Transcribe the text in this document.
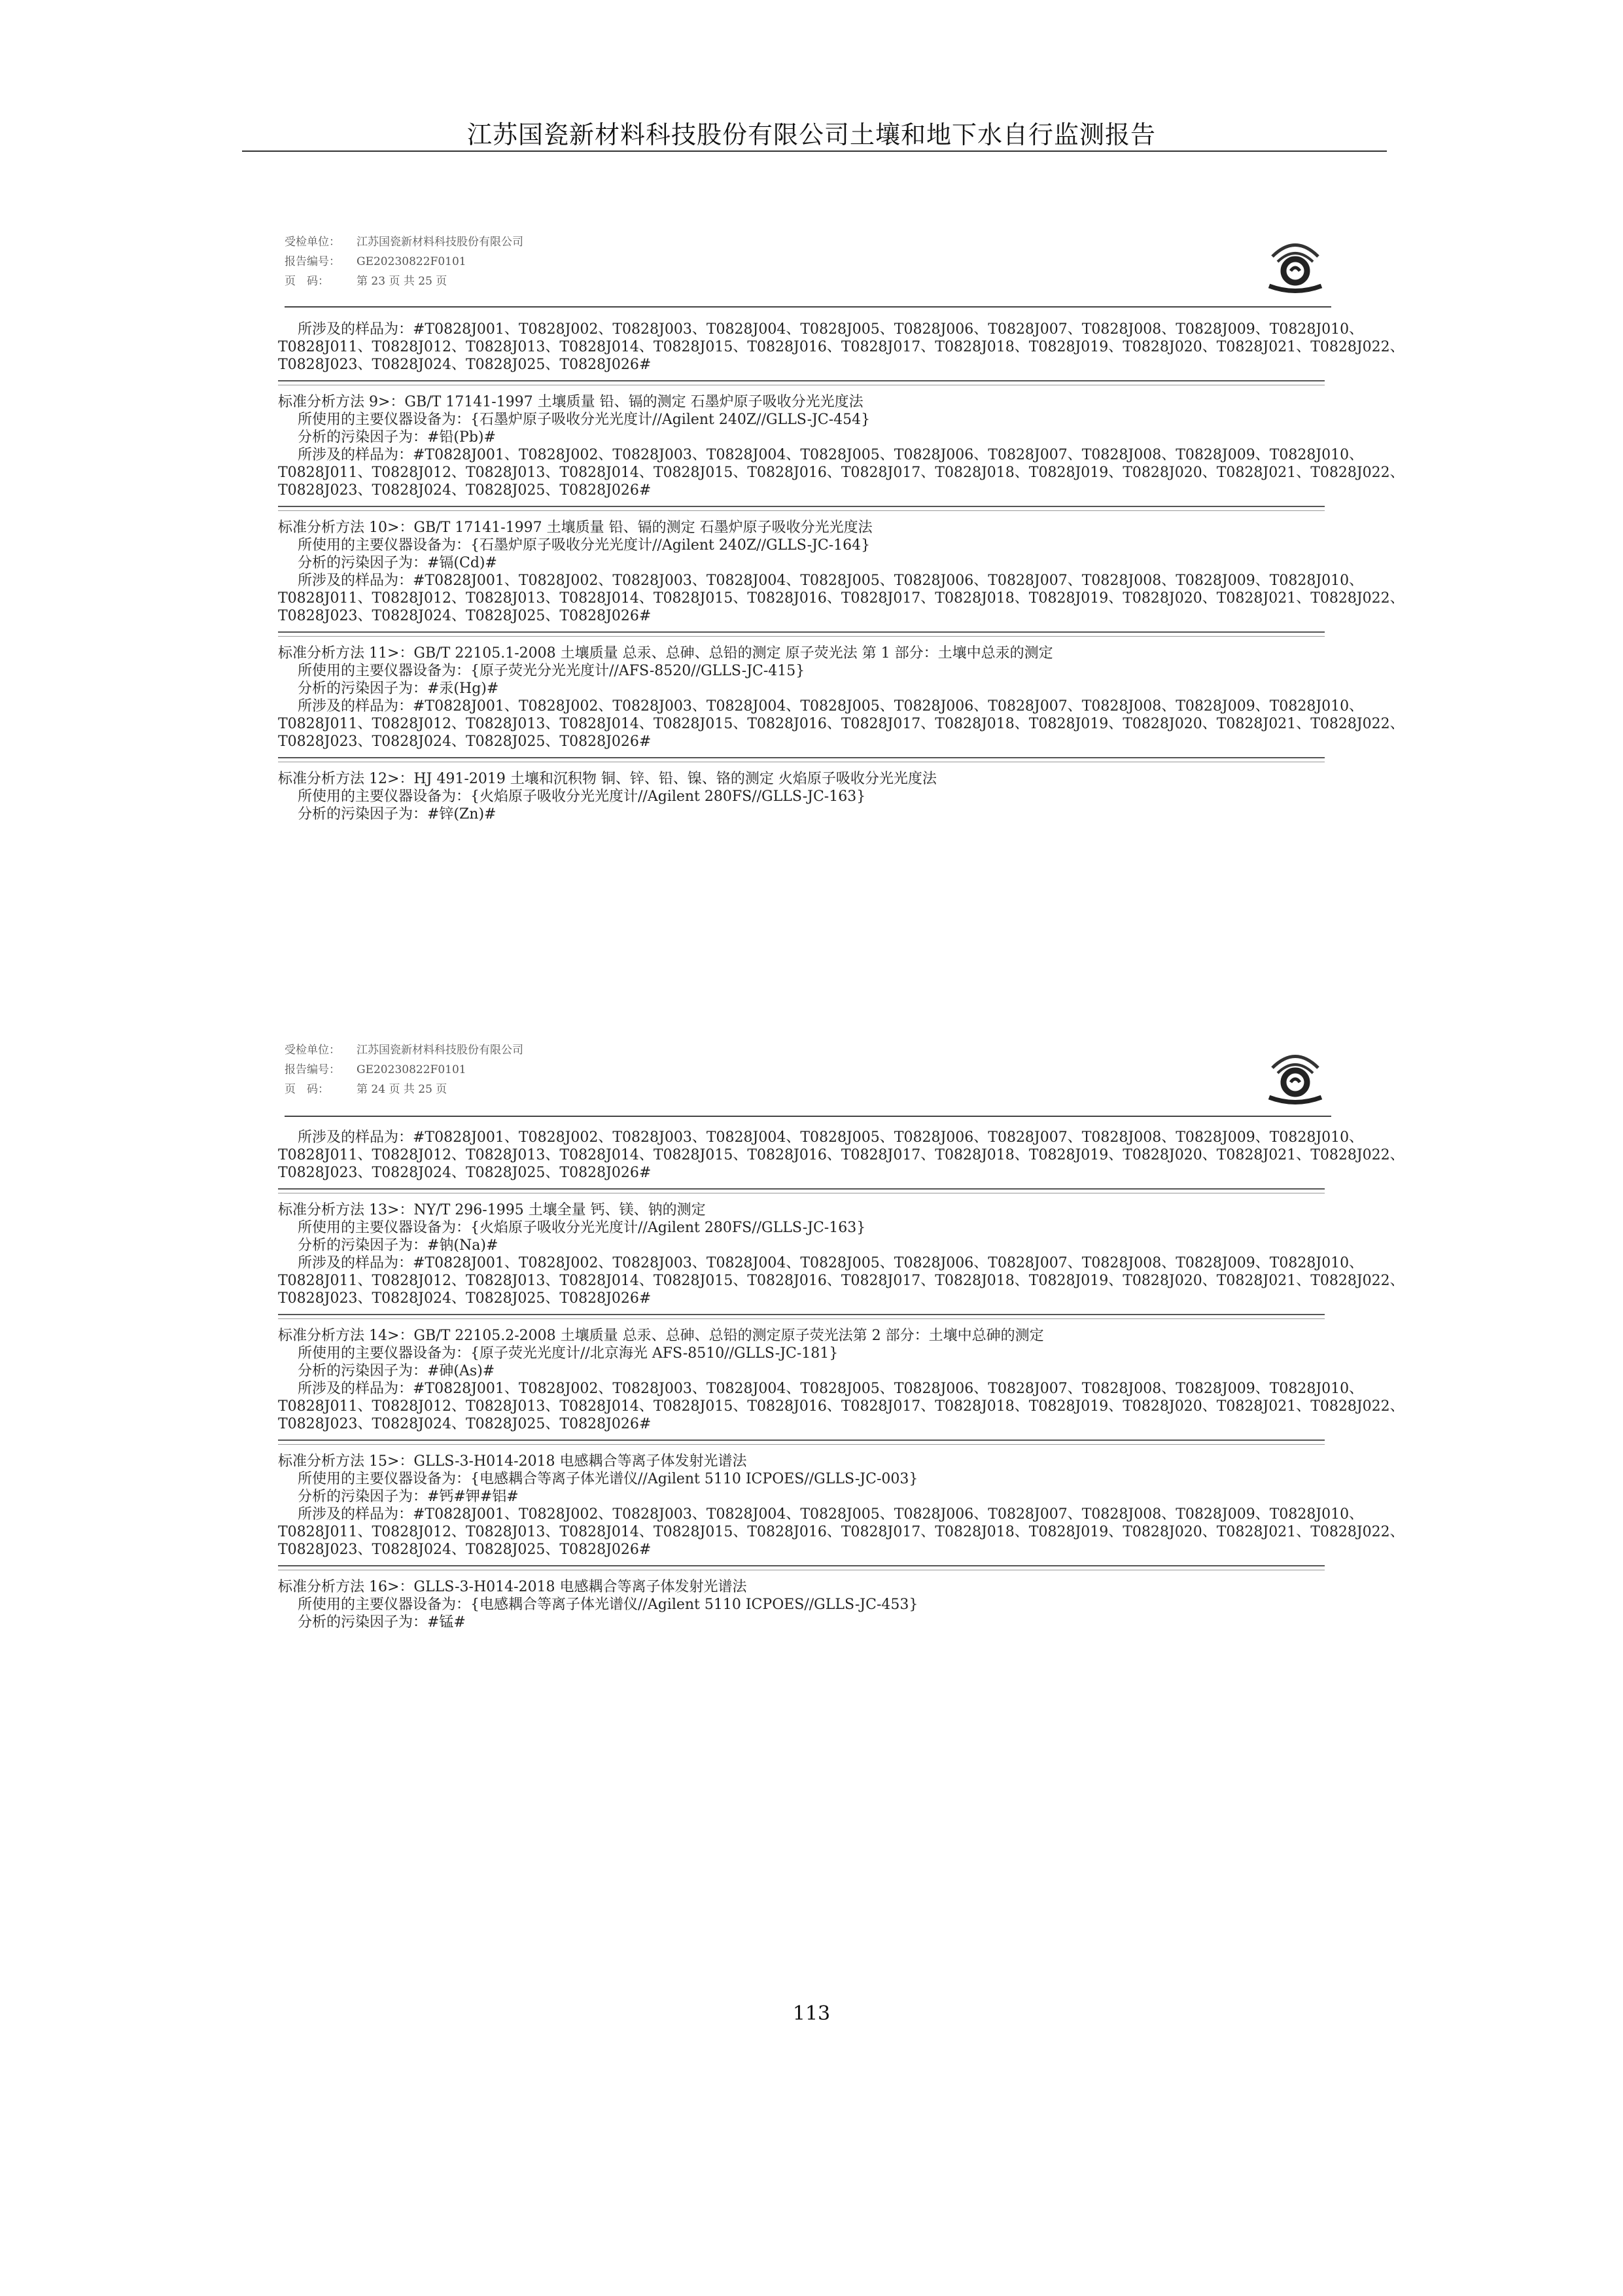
江苏国瓷新材料科技股份有限公司土壤和地下水自行监测报告
受检单位： 江苏国瓷新材料科技股份有限公司
报告编号： GE20230822F0101
页　码： 第 23 页 共 25 页
所涉及的样品为：#T0828J001、T0828J002、T0828J003、T0828J004、T0828J005、T0828J006、T0828J007、T0828J008、T0828J009、T0828J010、
T0828J011、T0828J012、T0828J013、T0828J014、T0828J015、T0828J016、T0828J017、T0828J018、T0828J019、T0828J020、T0828J021、T0828J022、
T0828J023、T0828J024、T0828J025、T0828J026#
标准分析方法 9>：GB/T 17141-1997 土壤质量 铅、镉的测定 石墨炉原子吸收分光光度法
所使用的主要仪器设备为：{石墨炉原子吸收分光光度计//Agilent 240Z//GLLS-JC-454}
分析的污染因子为：#铅(Pb)#
所涉及的样品为：#T0828J001、T0828J002、T0828J003、T0828J004、T0828J005、T0828J006、T0828J007、T0828J008、T0828J009、T0828J010、
T0828J011、T0828J012、T0828J013、T0828J014、T0828J015、T0828J016、T0828J017、T0828J018、T0828J019、T0828J020、T0828J021、T0828J022、
T0828J023、T0828J024、T0828J025、T0828J026#
标准分析方法 10>：GB/T 17141-1997 土壤质量 铅、镉的测定 石墨炉原子吸收分光光度法
所使用的主要仪器设备为：{石墨炉原子吸收分光光度计//Agilent 240Z//GLLS-JC-164}
分析的污染因子为：#镉(Cd)#
所涉及的样品为：#T0828J001、T0828J002、T0828J003、T0828J004、T0828J005、T0828J006、T0828J007、T0828J008、T0828J009、T0828J010、
T0828J011、T0828J012、T0828J013、T0828J014、T0828J015、T0828J016、T0828J017、T0828J018、T0828J019、T0828J020、T0828J021、T0828J022、
T0828J023、T0828J024、T0828J025、T0828J026#
标准分析方法 11>：GB/T 22105.1-2008 土壤质量 总汞、总砷、总铅的测定 原子荧光法 第 1 部分：土壤中总汞的测定
所使用的主要仪器设备为：{原子荧光分光光度计//AFS-8520//GLLS-JC-415}
分析的污染因子为：#汞(Hg)#
所涉及的样品为：#T0828J001、T0828J002、T0828J003、T0828J004、T0828J005、T0828J006、T0828J007、T0828J008、T0828J009、T0828J010、
T0828J011、T0828J012、T0828J013、T0828J014、T0828J015、T0828J016、T0828J017、T0828J018、T0828J019、T0828J020、T0828J021、T0828J022、
T0828J023、T0828J024、T0828J025、T0828J026#
标准分析方法 12>：HJ 491-2019 土壤和沉积物 铜、锌、铅、镍、铬的测定 火焰原子吸收分光光度法
所使用的主要仪器设备为：{火焰原子吸收分光光度计//Agilent 280FS//GLLS-JC-163}
分析的污染因子为：#锌(Zn)#
受检单位： 江苏国瓷新材料科技股份有限公司
报告编号： GE20230822F0101
页　码： 第 24 页 共 25 页
所涉及的样品为：#T0828J001、T0828J002、T0828J003、T0828J004、T0828J005、T0828J006、T0828J007、T0828J008、T0828J009、T0828J010、
T0828J011、T0828J012、T0828J013、T0828J014、T0828J015、T0828J016、T0828J017、T0828J018、T0828J019、T0828J020、T0828J021、T0828J022、
T0828J023、T0828J024、T0828J025、T0828J026#
标准分析方法 13>：NY/T 296-1995 土壤全量 钙、镁、钠的测定
所使用的主要仪器设备为：{火焰原子吸收分光光度计//Agilent 280FS//GLLS-JC-163}
分析的污染因子为：#钠(Na)#
所涉及的样品为：#T0828J001、T0828J002、T0828J003、T0828J004、T0828J005、T0828J006、T0828J007、T0828J008、T0828J009、T0828J010、
T0828J011、T0828J012、T0828J013、T0828J014、T0828J015、T0828J016、T0828J017、T0828J018、T0828J019、T0828J020、T0828J021、T0828J022、
T0828J023、T0828J024、T0828J025、T0828J026#
标准分析方法 14>：GB/T 22105.2-2008 土壤质量 总汞、总砷、总铅的测定原子荧光法第 2 部分：土壤中总砷的测定
所使用的主要仪器设备为：{原子荧光光度计//北京海光 AFS-8510//GLLS-JC-181}
分析的污染因子为：#砷(As)#
所涉及的样品为：#T0828J001、T0828J002、T0828J003、T0828J004、T0828J005、T0828J006、T0828J007、T0828J008、T0828J009、T0828J010、
T0828J011、T0828J012、T0828J013、T0828J014、T0828J015、T0828J016、T0828J017、T0828J018、T0828J019、T0828J020、T0828J021、T0828J022、
T0828J023、T0828J024、T0828J025、T0828J026#
标准分析方法 15>：GLLS-3-H014-2018 电感耦合等离子体发射光谱法
所使用的主要仪器设备为：{电感耦合等离子体光谱仪//Agilent 5110 ICPOES//GLLS-JC-003}
分析的污染因子为：#钙#钾#铝#
所涉及的样品为：#T0828J001、T0828J002、T0828J003、T0828J004、T0828J005、T0828J006、T0828J007、T0828J008、T0828J009、T0828J010、
T0828J011、T0828J012、T0828J013、T0828J014、T0828J015、T0828J016、T0828J017、T0828J018、T0828J019、T0828J020、T0828J021、T0828J022、
T0828J023、T0828J024、T0828J025、T0828J026#
标准分析方法 16>：GLLS-3-H014-2018 电感耦合等离子体发射光谱法
所使用的主要仪器设备为：{电感耦合等离子体光谱仪//Agilent 5110 ICPOES//GLLS-JC-453}
分析的污染因子为：#锰#
113
